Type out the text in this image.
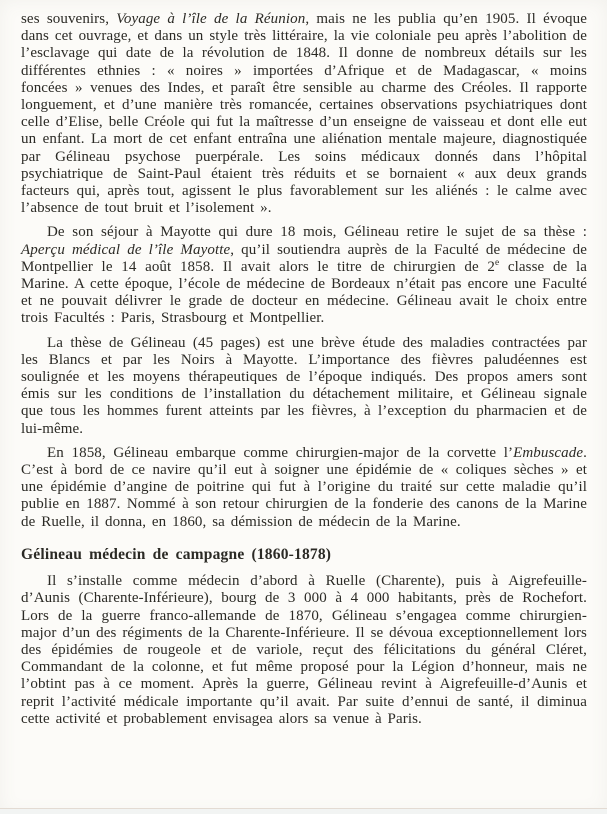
ses souvenirs, Voyage à l’île de la Réunion, mais ne les publia qu’en 1905. Il évoque dans cet ouvrage, et dans un style très littéraire, la vie coloniale peu après l’abolition de l’esclavage qui date de la révolution de 1848. Il donne de nombreux détails sur les différentes ethnies : « noires » importées d’Afrique et de Madagascar, « moins foncées » venues des Indes, et paraît être sensible au charme des Créoles. Il rapporte longuement, et d’une manière très romancée, certaines observations psychiatriques dont celle d’Elise, belle Créole qui fut la maîtresse d’un enseigne de vaisseau et dont elle eut un enfant. La mort de cet enfant entraîna une aliénation mentale majeure, diagnostiquée par Gélineau psychose puerpérale. Les soins médicaux donnés dans l’hôpital psychiatrique de Saint-Paul étaient très réduits et se bornaient « aux deux grands facteurs qui, après tout, agissent le plus favorablement sur les aliénés : le calme avec l’absence de tout bruit et l’isolement ».

De son séjour à Mayotte qui dure 18 mois, Gélineau retire le sujet de sa thèse : Aperçu médical de l’île Mayotte, qu’il soutiendra auprès de la Faculté de médecine de Montpellier le 14 août 1858. Il avait alors le titre de chirurgien de 2e classe de la Marine. A cette époque, l’école de médecine de Bordeaux n’était pas encore une Faculté et ne pouvait délivrer le grade de docteur en médecine. Gélineau avait le choix entre trois Facultés : Paris, Strasbourg et Montpellier.

La thèse de Gélineau (45 pages) est une brève étude des maladies contractées par les Blancs et par les Noirs à Mayotte. L’importance des fièvres paludéennes est soulignée et les moyens thérapeutiques de l’époque indiqués. Des propos amers sont émis sur les conditions de l’installation du détachement militaire, et Gélineau signale que tous les hommes furent atteints par les fièvres, à l’exception du pharmacien et de lui-même.

En 1858, Gélineau embarque comme chirurgien-major de la corvette l’Embuscade. C’est à bord de ce navire qu’il eut à soigner une épidémie de « coliques sèches » et une épidémie d’angine de poitrine qui fut à l’origine du traité sur cette maladie qu’il publie en 1887. Nommé à son retour chirurgien de la fonderie des canons de la Marine de Ruelle, il donna, en 1860, sa démission de médecin de la Marine.

Gélineau médecin de campagne (1860-1878)

Il s’installe comme médecin d’abord à Ruelle (Charente), puis à Aigrefeuille-d’Aunis (Charente-Inférieure), bourg de 3 000 à 4 000 habitants, près de Rochefort. Lors de la guerre franco-allemande de 1870, Gélineau s’engagea comme chirurgien-major d’un des régiments de la Charente-Inférieure. Il se dévoua exceptionnellement lors des épidémies de rougeole et de variole, reçut des félicitations du général Cléret, Commandant de la colonne, et fut même proposé pour la Légion d’honneur, mais ne l’obtint pas à ce moment. Après la guerre, Gélineau revint à Aigrefeuille-d’Aunis et reprit l’activité médicale importante qu’il avait. Par suite d’ennui de santé, il diminua cette activité et probablement envisagea alors sa venue à Paris.
